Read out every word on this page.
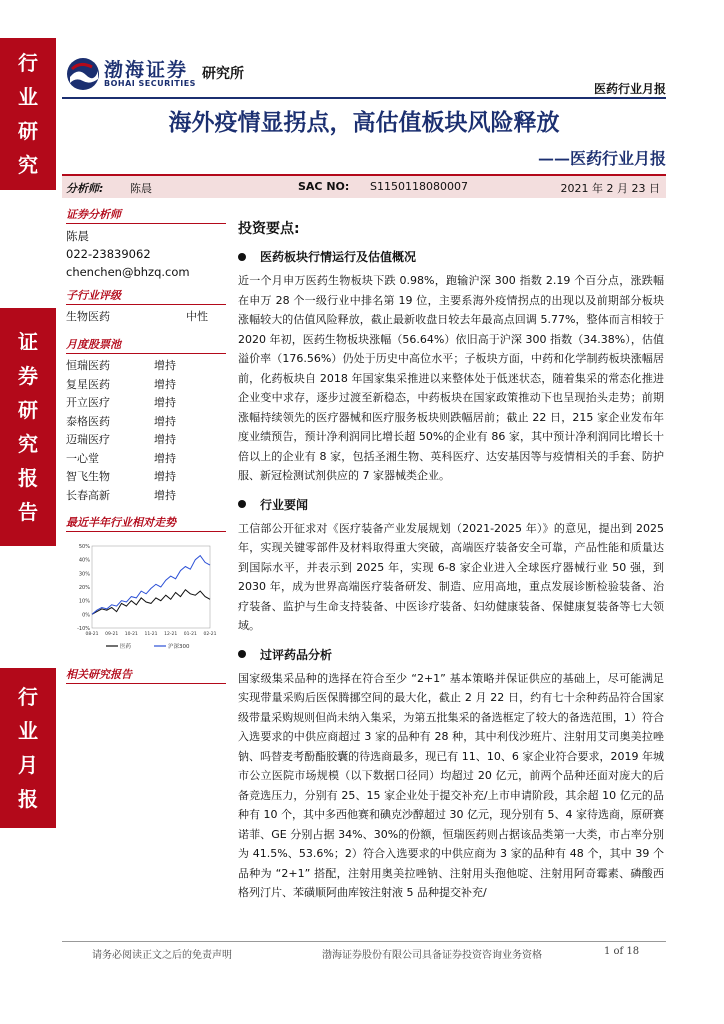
行
业
研
究
证
券
研
究
报
告
行
业
月
报
渤海证券
BOHAI SECURITIES
研究所
医药行业月报
海外疫情显拐点，高估值板块风险释放
——医药行业月报
分析师: 陈晨	SAC NO: S1150118080007	2021 年 2 月 23 日
证券分析师
陈晨
022-23839062
chenchen@bhzq.com
子行业评级
生物医药	中性
月度股票池
恒瑞医药	增持
复星医药	增持
开立医疗	增持
泰格医药	增持
迈瑞医疗	增持
一心堂	增持
智飞生物	增持
长春高新	增持
最近半年行业相对走势
50%
40%
30%
20%
10%
0%
-10%
08-21 09-21 10-21 11-21 12-21 01-21 02-21
医药	沪深300
相关研究报告
投资要点:
医药板块行情运行及估值概况

近一个月申万医药生物板块下跌 0.98%，跑输沪深 300 指数 2.19 个百分点，涨跌幅在申万 28 个一级行业中排名第 19 位，主要系海外疫情拐点的出现以及前期部分板块涨幅较大的估值风险释放，截止最新收盘日较去年最高点回调 5.77%，整体而言相较于 2020 年初，医药生物板块涨幅（56.64%）依旧高于沪深 300 指数（34.38%），估值溢价率（176.56%）仍处于历史中高位水平；子板块方面，中药和化学制药板块涨幅居前，化药板块自 2018 年国家集采推进以来整体处于低迷状态，随着集采的常态化推进企业变中求存，逐步过渡至新稳态，中药板块在国家政策推动下也呈现抬头走势；前期涨幅持续领先的医疗器械和医疗服务板块则跌幅居前；截止 22 日，215 家企业发布年度业绩预告，预计净利润同比增长超 50%的企业有 86 家，其中预计净利润同比增长十倍以上的企业有 8 家，包括圣湘生物、英科医疗、达安基因等与疫情相关的手套、防护服、新冠检测试剂供应的 7 家器械类企业。

行业要闻

工信部公开征求对《医疗装备产业发展规划（2021-2025 年）》的意见，提出到 2025 年，实现关键零部件及材料取得重大突破，高端医疗装备安全可靠，产品性能和质量达到国际水平，并表示到 2025 年，实现 6-8 家企业进入全球医疗器械行业 50 强，到 2030 年，成为世界高端医疗装备研发、制造、应用高地，重点发展诊断检验装备、治疗装备、监护与生命支持装备、中医诊疗装备、妇幼健康装备、保健康复装备等七大领域。

过评药品分析

国家级集采品种的选择在符合至少 “2+1” 基本策略并保证供应的基础上，尽可能满足实现带量采购后医保腾挪空间的最大化，截止 2 月 22 日，约有七十余种药品符合国家级带量采购规则但尚未纳入集采，为第五批集采的备选框定了较大的备选范围，1）符合入选要求的中供应商超过 3 家的品种有 28 种，其中利伐沙班片、注射用艾司奥美拉唑钠、吗替麦考酚酯胶囊的待选商最多，现已有 11、10、6 家企业符合要求，2019 年城市公立医院市场规模（以下数据口径同）均超过 20 亿元，前两个品种还面对庞大的后备竞选压力，分别有 25、15 家企业处于提交补充/上市申请阶段，其余超 10 亿元的品种有 10 个，其中多西他赛和碘克沙醇超过 30 亿元，现分别有 5、4 家待选商，原研赛诺菲、GE 分别占据 34%、30%的份额，恒瑞医药则占据该品类第一大类，市占率分别为 41.5%、53.6%；2）符合入选要求的中供应商为 3 家的品种有 48 个，其中 39 个品种为 “2+1” 搭配，注射用奥美拉唑钠、注射用头孢他啶、注射用阿奇霉素、磷酸西格列汀片、苯磺顺阿曲库铵注射液 5 品种提交补充/

请务必阅读正文之后的免责声明	渤海证券股份有限公司具备证券投资咨询业务资格	1 of 18
